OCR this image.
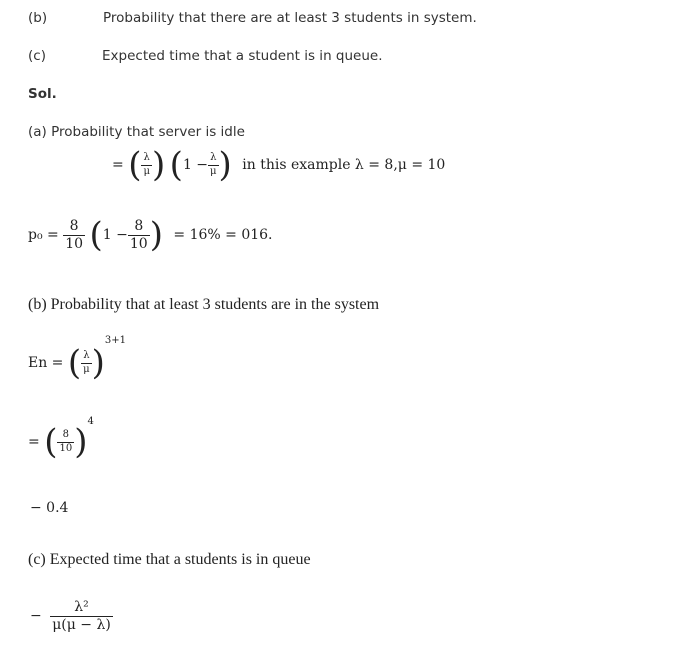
(b)	Probability that there are at least 3 students in system.
(c)	Expected time that a student is in queue.
Sol.
(a) Probability that server is idle
= ( $\frac{\lambda}{\mu}$ ) ($1 - \frac{\lambda}{\mu}$ ) in this example λ = 8,μ = 10
$p_0 = \frac{8}{10} (1 - \frac{8}{10}$ ) = 16% = 016.
(b) Probability that at least 3 students are in the system
En = ( $\frac{\lambda}{\mu} )^{3+1}$
= ( $\frac{8}{10} )^4$
− 0.4
(c) Expected time that a students is in queue
− $\frac{\text{λ²}}{\mu(\mu - \lambda)}$
